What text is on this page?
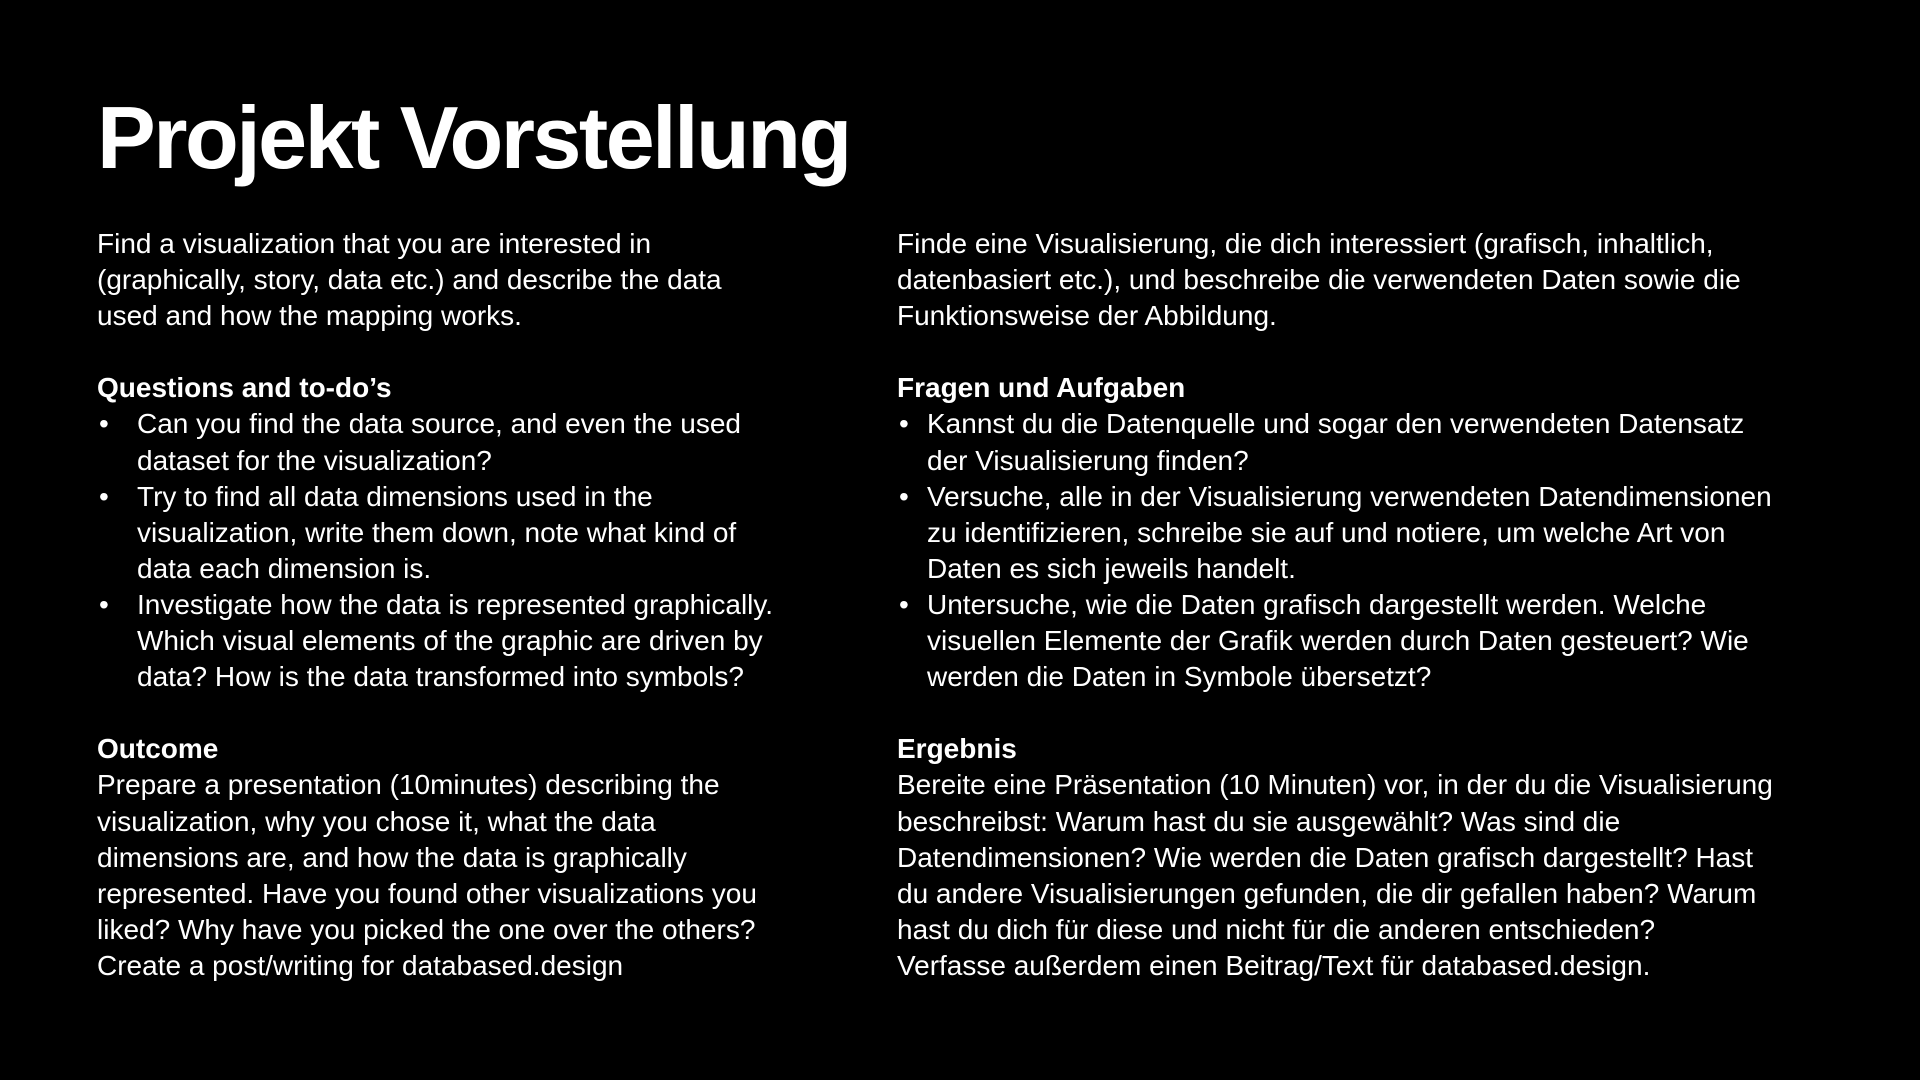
Projekt Vorstellung
Find a visualization that you are interested in
(graphically, story, data etc.) and describe the data
used and how the mapping works.
Questions and to-do’s
• Can you find the data source, and even the used
dataset for the visualization?
• Try to find all data dimensions used in the
visualization, write them down, note what kind of
data each dimension is.
• Investigate how the data is represented graphically.
Which visual elements of the graphic are driven by
data? How is the data transformed into symbols?
Outcome
Prepare a presentation (10minutes) describing the
visualization, why you chose it, what the data
dimensions are, and how the data is graphically
represented. Have you found other visualizations you
liked? Why have you picked the one over the others?
Create a post/writing for databased.design
Finde eine Visualisierung, die dich interessiert (grafisch, inhaltlich,
datenbasiert etc.), und beschreibe die verwendeten Daten sowie die
Funktionsweise der Abbildung.
Fragen und Aufgaben
• Kannst du die Datenquelle und sogar den verwendeten Datensatz
der Visualisierung finden?
• Versuche, alle in der Visualisierung verwendeten Datendimensionen
zu identifizieren, schreibe sie auf und notiere, um welche Art von
Daten es sich jeweils handelt.
• Untersuche, wie die Daten grafisch dargestellt werden. Welche
visuellen Elemente der Grafik werden durch Daten gesteuert? Wie
werden die Daten in Symbole übersetzt?
Ergebnis
Bereite eine Präsentation (10 Minuten) vor, in der du die Visualisierung
beschreibst: Warum hast du sie ausgewählt? Was sind die
Datendimensionen? Wie werden die Daten grafisch dargestellt? Hast
du andere Visualisierungen gefunden, die dir gefallen haben? Warum
hast du dich für diese und nicht für die anderen entschieden?
Verfasse außerdem einen Beitrag/Text für databased.design.
